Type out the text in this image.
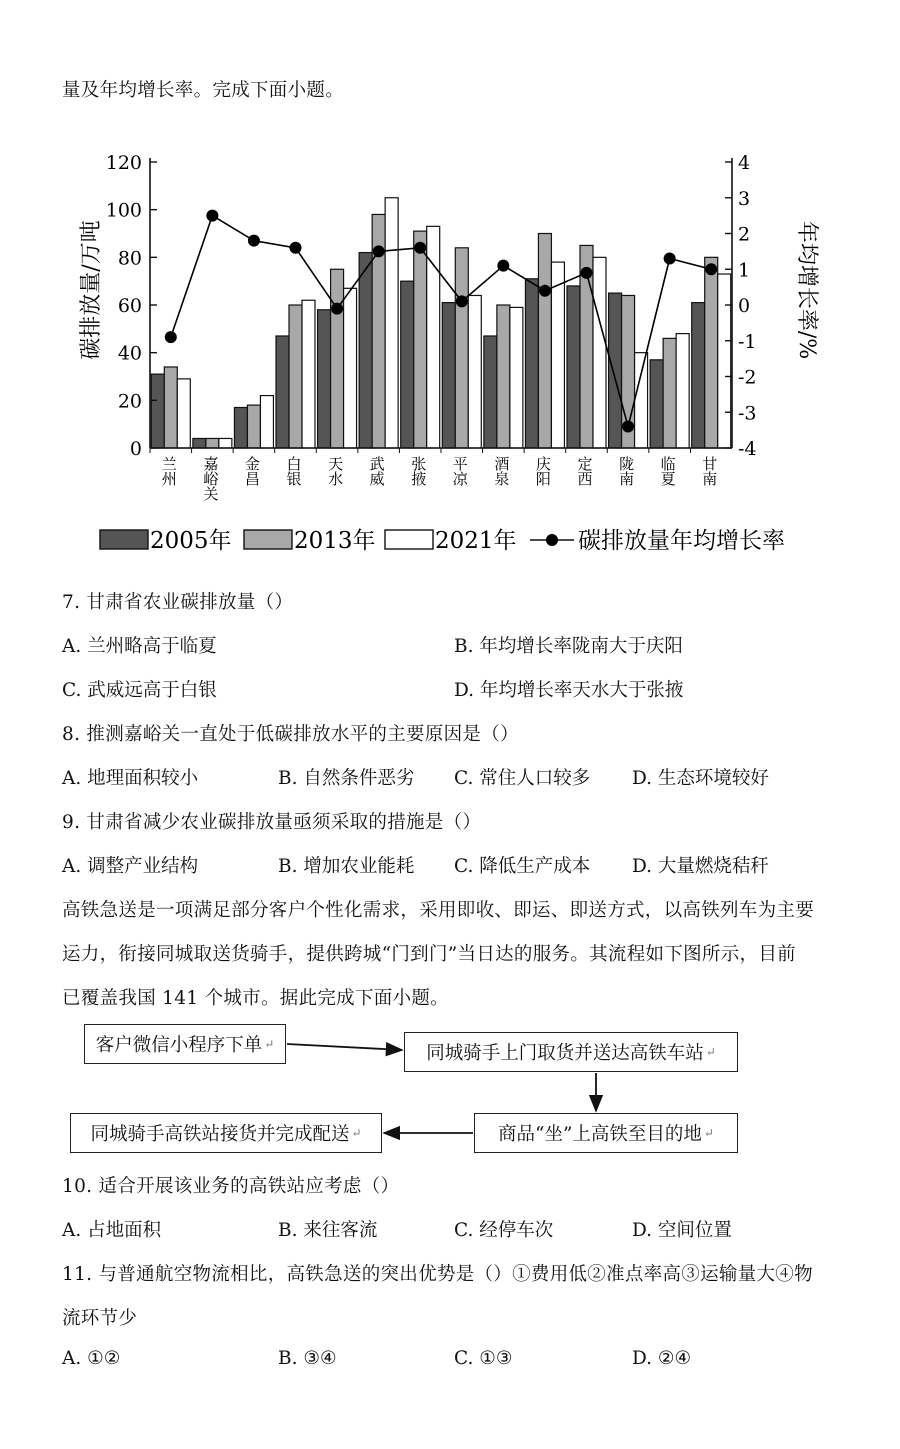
量及年均增长率。完成下面小题。
兰州 嘉峪关 金昌 白银 天水 武威 张掖 平凉 酒泉 庆阳 定西 陇南 临夏 甘南
0
20
40
60
80
100
120
-4
-3
-2
-1
0
1
2
3
4
碳排放量/万吨	年均增长率/%
2005年	2013年	2021年	碳排放量年均增长率
7. 甘肃省农业碳排放量（）
A. 兰州略高于临夏	B. 年均增长率陇南大于庆阳
C. 武威远高于白银	D. 年均增长率天水大于张掖
8. 推测嘉峪关一直处于低碳排放水平的主要原因是（）
A. 地理面积较小	B. 自然条件恶劣 C. 常住人口较多 D. 生态环境较好
9. 甘肃省减少农业碳排放量亟须采取的措施是（）
A. 调整产业结构	B. 增加农业能耗 C. 降低生产成本 D. 大量燃烧秸秆
高铁急送是一项满足部分客户个性化需求，采用即收、即运、即送方式，以高铁列车为主要
运力，衔接同城取送货骑手，提供跨城“门到门”当日达的服务。其流程如下图所示，目前
已覆盖我国 141 个城市。据此完成下面小题。
客户微信小程序下单 ↵	同城骑手上门取货并送达高铁车站 ↵
商品“坐”上高铁至目的地 ↵
同城骑手高铁站接货并完成配送 ↵
10. 适合开展该业务的高铁站应考虑（）
A. 占地面积	B. 来往客流	C. 经停车次	D. 空间位置
11. 与普通航空物流相比，高铁急送的突出优势是（）①费用低②准点率高③运输量大④物
流环节少
A. ①②	B. ③④	C. ①③	D. ②④
